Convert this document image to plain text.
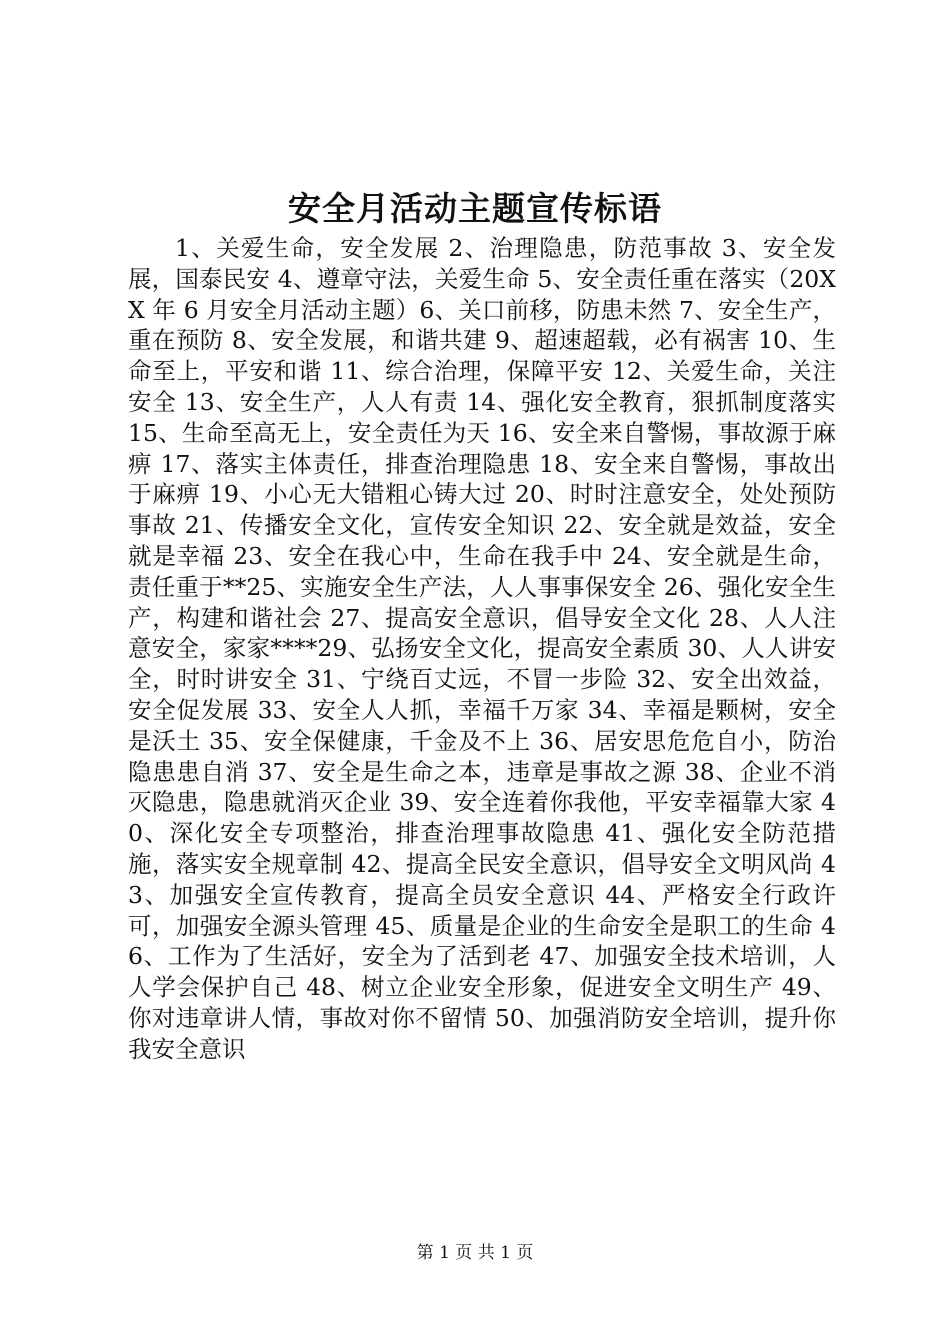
安全月活动主题宣传标语

1、关爱生命，安全发展 2、治理隐患，防范事故 3、安全发展，国泰民安 4、遵章守法，关爱生命 5、安全责任重在落实（20XX 年 6 月安全月活动主题）6、关口前移，防患未然 7、安全生产，重在预防 8、安全发展，和谐共建 9、超速超载，必有祸害 10、生命至上，平安和谐 11、综合治理，保障平安 12、关爱生命，关注安全 13、安全生产，人人有责 14、强化安全教育，狠抓制度落实 15、生命至高无上，安全责任为天 16、安全来自警惕，事故源于麻痹 17、落实主体责任，排查治理隐患 18、安全来自警惕，事故出于麻痹 19、小心无大错粗心铸大过 20、时时注意安全，处处预防事故 21、传播安全文化，宣传安全知识 22、安全就是效益，安全就是幸福 23、安全在我心中，生命在我手中 24、安全就是生命，责任重于**25、实施安全生产法，人人事事保安全 26、强化安全生产，构建和谐社会 27、提高安全意识，倡导安全文化 28、人人注意安全，家家****29、弘扬安全文化，提高安全素质 30、人人讲安全，时时讲安全 31、宁绕百丈远，不冒一步险 32、安全出效益，安全促发展 33、安全人人抓，幸福千万家 34、幸福是颗树，安全是沃土 35、安全保健康，千金及不上 36、居安思危危自小，防治隐患患自消 37、安全是生命之本，违章是事故之源 38、企业不消灭隐患，隐患就消灭企业 39、安全连着你我他，平安幸福靠大家 40、深化安全专项整治，排查治理事故隐患 41、强化安全防范措施，落实安全规章制 42、提高全民安全意识，倡导安全文明风尚 43、加强安全宣传教育，提高全员安全意识 44、严格安全行政许可，加强安全源头管理 45、质量是企业的生命安全是职工的生命 46、工作为了生活好，安全为了活到老 47、加强安全技术培训，人人学会保护自己 48、树立企业安全形象，促进安全文明生产 49、你对违章讲人情，事故对你不留情 50、加强消防安全培训，提升你我安全意识

第 1 页 共 1 页
